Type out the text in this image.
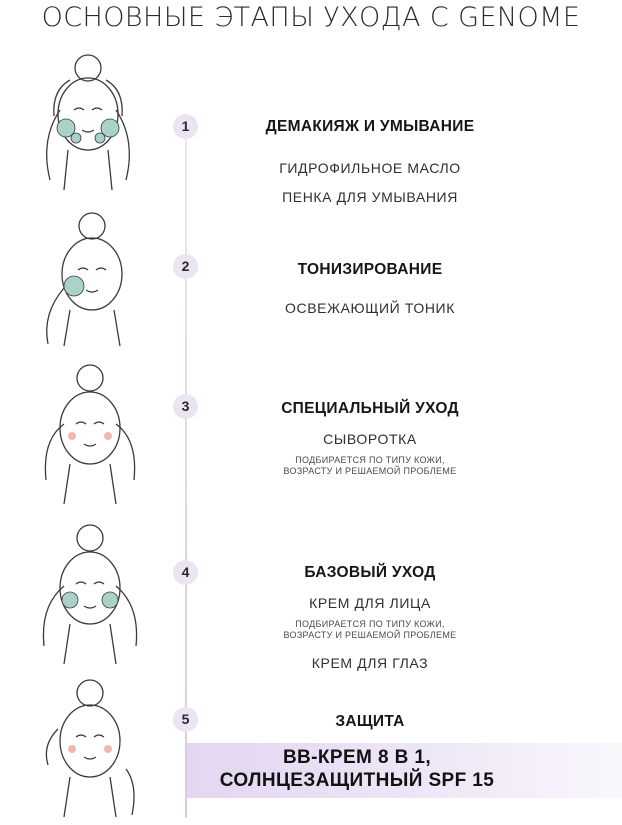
ОСНОВНЫЕ ЭТАПЫ УХОДА С GENOME
1	ДЕМАКИЯЖ И УМЫВАНИЕ
ГИДРОФИЛЬНОЕ МАСЛО
ПЕНКА ДЛЯ УМЫВАНИЯ
2	ТОНИЗИРОВАНИЕ
ОСВЕЖАЮЩИЙ ТОНИК
3	СПЕЦИАЛЬНЫЙ УХОД
СЫВОРОТКА
ПОДБИРАЕТСЯ ПО ТИПУ КОЖИ,
ВОЗРАСТУ И РЕШАЕМОЙ ПРОБЛЕМЕ
4	БАЗОВЫЙ УХОД
КРЕМ ДЛЯ ЛИЦА
ПОДБИРАЕТСЯ ПО ТИПУ КОЖИ,
ВОЗРАСТУ И РЕШАЕМОЙ ПРОБЛЕМЕ
КРЕМ ДЛЯ ГЛАЗ
5	ЗАЩИТА
BB-КРЕМ 8 В 1,
СОЛНЦЕЗАЩИТНЫЙ SPF 15
